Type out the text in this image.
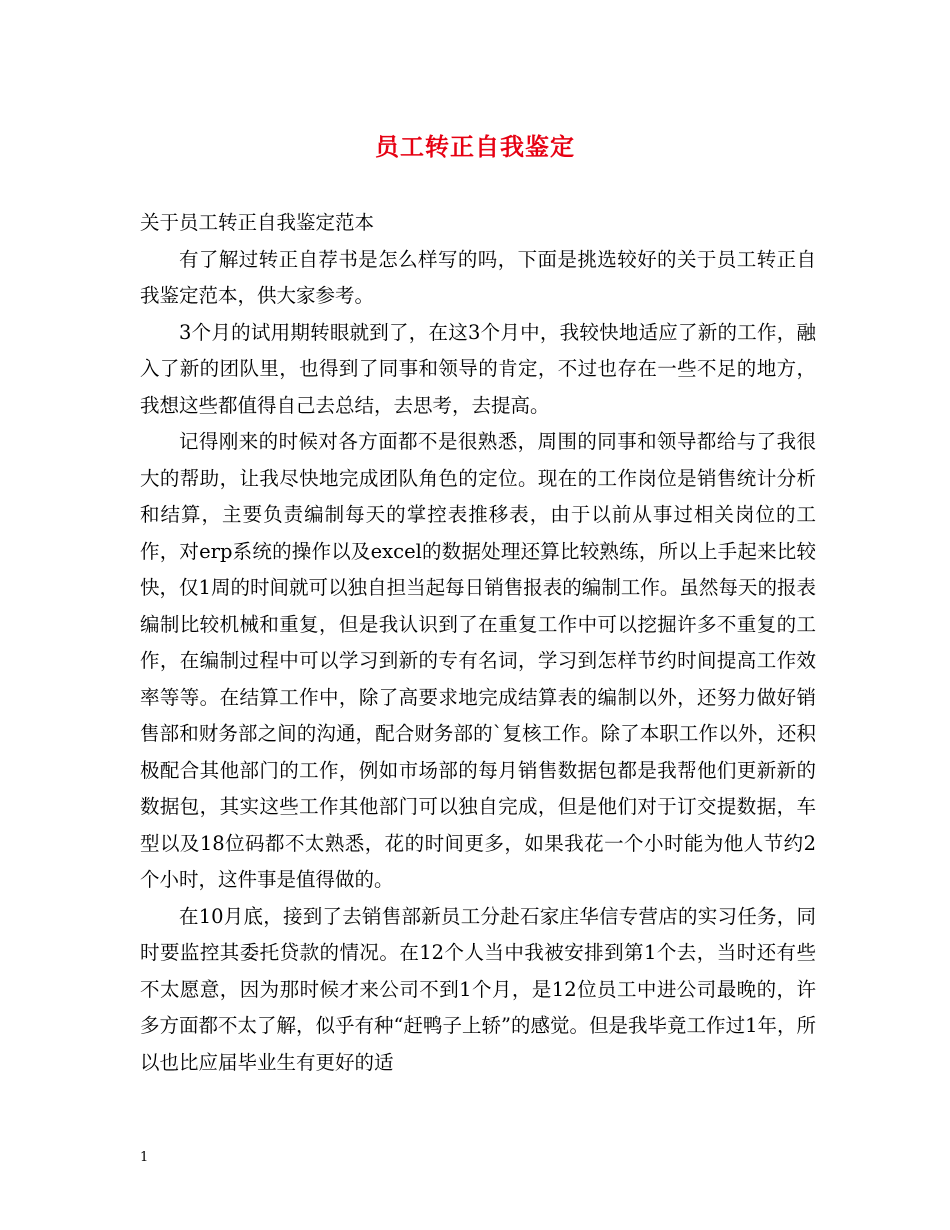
员工转正自我鉴定

关于员工转正自我鉴定范本

有了解过转正自荐书是怎么样写的吗，下面是挑选较好的关于员工转正自我鉴定范本，供大家参考。

3个月的试用期转眼就到了，在这3个月中，我较快地适应了新的工作，融入了新的团队里，也得到了同事和领导的肯定，不过也存在一些不足的地方，我想这些都值得自己去总结，去思考，去提高。

记得刚来的时候对各方面都不是很熟悉，周围的同事和领导都给与了我很大的帮助，让我尽快地完成团队角色的定位。现在的工作岗位是销售统计分析和结算，主要负责编制每天的掌控表推移表，由于以前从事过相关岗位的工作，对erp系统的操作以及excel的数据处理还算比较熟练，所以上手起来比较快，仅1周的时间就可以独自担当起每日销售报表的编制工作。虽然每天的报表编制比较机械和重复，但是我认识到了在重复工作中可以挖掘许多不重复的工作，在编制过程中可以学习到新的专有名词，学习到怎样节约时间提高工作效率等等。在结算工作中，除了高要求地完成结算表的编制以外，还努力做好销售部和财务部之间的沟通，配合财务部的`复核工作。除了本职工作以外，还积极配合其他部门的工作，例如市场部的每月销售数据包都是我帮他们更新新的数据包，其实这些工作其他部门可以独自完成，但是他们对于订交提数据，车型以及18位码都不太熟悉，花的时间更多，如果我花一个小时能为他人节约2个小时，这件事是值得做的。

在10月底，接到了去销售部新员工分赴石家庄华信专营店的实习任务，同时要监控其委托贷款的情况。在12个人当中我被安排到第1个去，当时还有些不太愿意，因为那时候才来公司不到1个月，是12位员工中进公司最晚的，许多方面都不太了解，似乎有种“赶鸭子上轿”的感觉。但是我毕竟工作过1年，所以也比应届毕业生有更好的适

1
